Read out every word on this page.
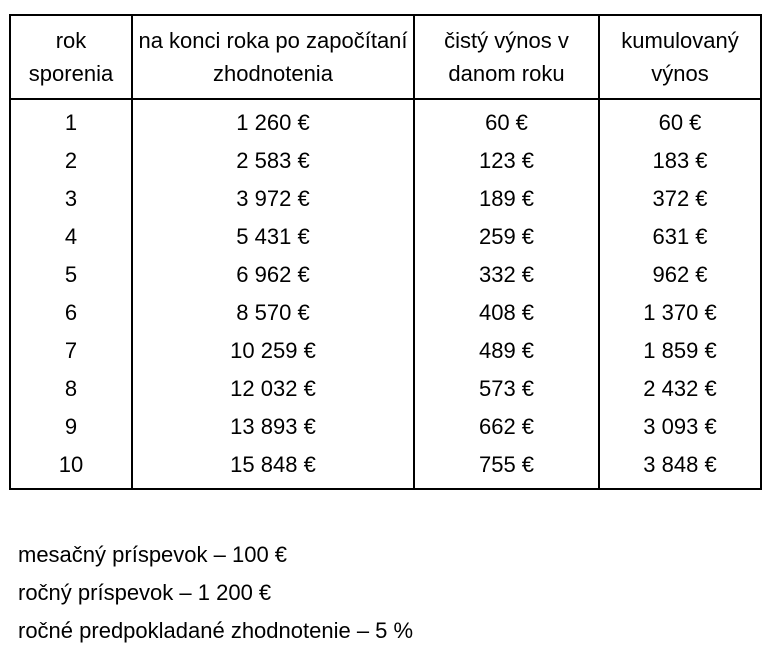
rok sporenia	na konci roka po započítaní zhodnotenia	čistý výnos v danom roku	kumulovaný výnos
1	1 260 €	60 €	60 €
2	2 583 €	123 €	183 €
3	3 972 €	189 €	372 €
4	5 431 €	259 €	631 €
5	6 962 €	332 €	962 €
6	8 570 €	408 €	1 370 €
7	10 259 €	489 €	1 859 €
8	12 032 €	573 €	2 432 €
9	13 893 €	662 €	3 093 €
10	15 848 €	755 €	3 848 €
mesačný príspevok – 100 €
ročný príspevok – 1 200 €
ročné predpokladané zhodnotenie – 5 %
